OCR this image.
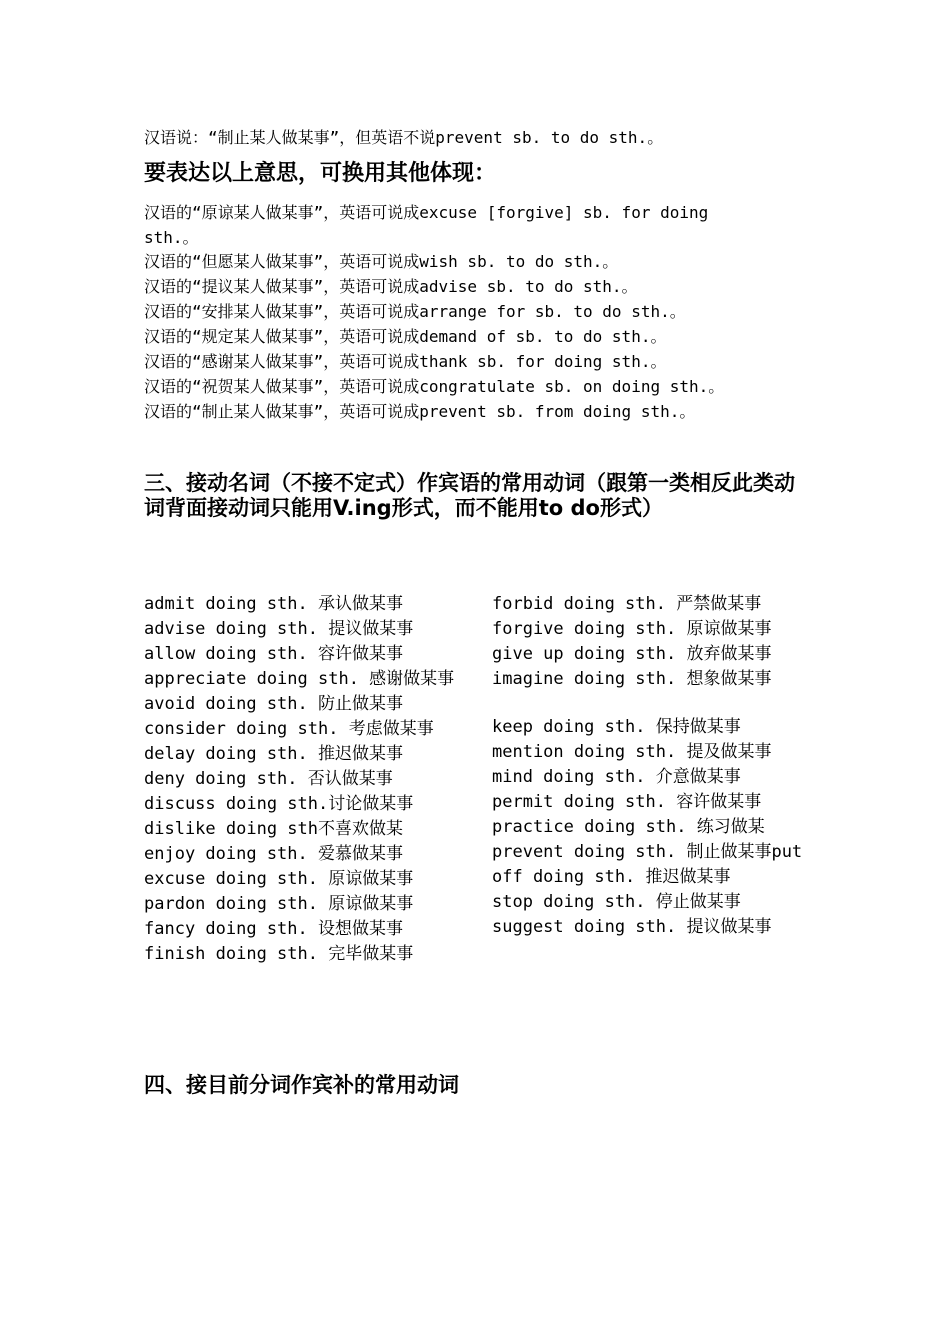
汉语说：“制止某人做某事”，但英语不说prevent sb. to do sth.。
要表达以上意思，可换用其他体现：
汉语的“原谅某人做某事”，英语可说成excuse [forgive] sb. for doing
sth.。
汉语的“但愿某人做某事”，英语可说成wish sb. to do sth.。
汉语的“提议某人做某事”，英语可说成advise sb. to do sth.。
汉语的“安排某人做某事”，英语可说成arrange for sb. to do sth.。
汉语的“规定某人做某事”，英语可说成demand of sb. to do sth.。
汉语的“感谢某人做某事”，英语可说成thank sb. for doing sth.。
汉语的“祝贺某人做某事”，英语可说成congratulate sb. on doing sth.。
汉语的“制止某人做某事”，英语可说成prevent sb. from doing sth.。
三、接动名词（不接不定式）作宾语的常用动词（跟第一类相反此类动词背面接动词只能用V.ing形式，而不能用to do形式）
admit doing sth. 承认做某事
advise doing sth. 提议做某事
allow doing sth. 容许做某事
appreciate doing sth. 感谢做某事
avoid doing sth. 防止做某事
consider doing sth. 考虑做某事
delay doing sth. 推迟做某事
deny doing sth. 否认做某事
discuss doing sth.讨论做某事
dislike doing sth不喜欢做某
enjoy doing sth. 爱慕做某事
excuse doing sth. 原谅做某事
pardon doing sth. 原谅做某事
fancy doing sth. 设想做某事
finish doing sth. 完毕做某事
forbid doing sth. 严禁做某事
forgive doing sth. 原谅做某事give up doing sth. 放弃做某事imagine doing sth. 想象做某事
keep doing sth. 保持做某事
mention doing sth. 提及做某事mind doing sth. 介意做某事
permit doing sth. 容许做某事
practice doing sth. 练习做某
prevent doing sth. 制止做某事put off doing sth. 推迟做某事
stop doing sth. 停止做某事
suggest doing sth. 提议做某事
四、接目前分词作宾补的常用动词
